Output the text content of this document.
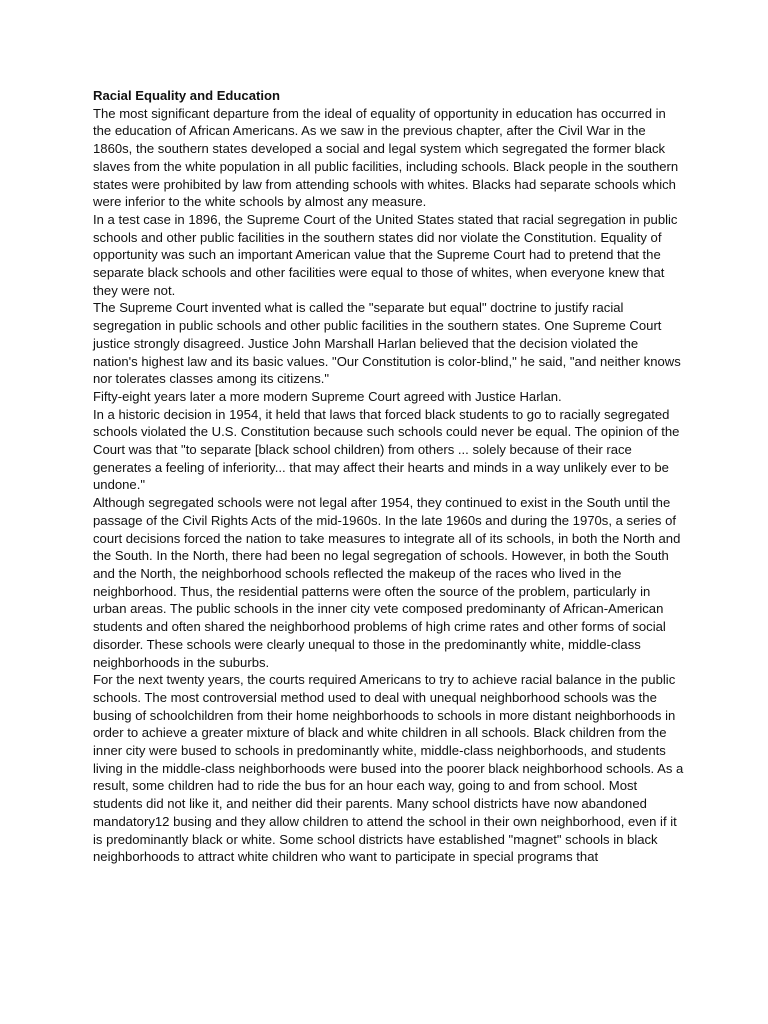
Racial Equality and Education

The most significant departure from the ideal of equality of opportunity in education has occurred in the education of African Americans. As we saw in the previous chapter, after the Civil War in the 1860s, the southern states developed a social and legal system which segregated the former black slaves from the white population in all public facilities, including schools. Black people in the southern states were prohibited by law from attending schools with whites. Blacks had separate schools which were inferior to the white schools by almost any measure.

In a test case in 1896, the Supreme Court of the United States stated that racial segregation in public schools and other public facilities in the southern states did nor violate the Constitution. Equality of opportunity was such an important American value that the Supreme Court had to pretend that the separate black schools and other facilities were equal to those of whites, when everyone knew that they were not.

The Supreme Court invented what is called the "separate but equal" doctrine to justify racial segregation in public schools and other public facilities in the southern states. One Supreme Court justice strongly disagreed. Justice John Marshall Harlan believed that the decision violated the nation's highest law and its basic values. "Our Constitution is color-blind," he said, "and neither knows nor tolerates classes among its citizens."

Fifty-eight years later a more modern Supreme Court agreed with Justice Harlan.

In a historic decision in 1954, it held that laws that forced black students to go to racially segregated schools violated the U.S. Constitution because such schools could never be equal. The opinion of the Court was that "to separate [black school children) from others ... solely because of their race generates a feeling of inferiority... that may affect their hearts and minds in a way unlikely ever to be undone."

Although segregated schools were not legal after 1954, they continued to exist in the South until the passage of the Civil Rights Acts of the mid-1960s. In the late 1960s and during the 1970s, a series of court decisions forced the nation to take measures to integrate all of its schools, in both the North and the South. In the North, there had been no legal segregation of schools. However, in both the South and the North, the neighborhood schools reflected the makeup of the races who lived in the neighborhood. Thus, the residential patterns were often the source of the problem, particularly in urban areas. The public schools in the inner city vete composed predominanty of African-American students and often shared the neighborhood problems of high crime rates and other forms of social disorder. These schools were clearly unequal to those in the predominantly white, middle-class neighborhoods in the suburbs.

For the next twenty years, the courts required Americans to try to achieve racial balance in the public schools. The most controversial method used to deal with unequal neighborhood schools was the busing of schoolchildren from their home neighborhoods to schools in more distant neighborhoods in order to achieve a greater mixture of black and white children in all schools. Black children from the inner city were bused to schools in predominantly white, middle-class neighborhoods, and students living in the middle-class neighborhoods were bused into the poorer black neighborhood schools. As a result, some children had to ride the bus for an hour each way, going to and from school. Most students did not like it, and neither did their parents. Many school districts have now abandoned mandatory12 busing and they allow children to attend the school in their own neighborhood, even if it is predominantly black or white. Some school districts have established "magnet" schools in black neighborhoods to attract white children who want to participate in special programs that
